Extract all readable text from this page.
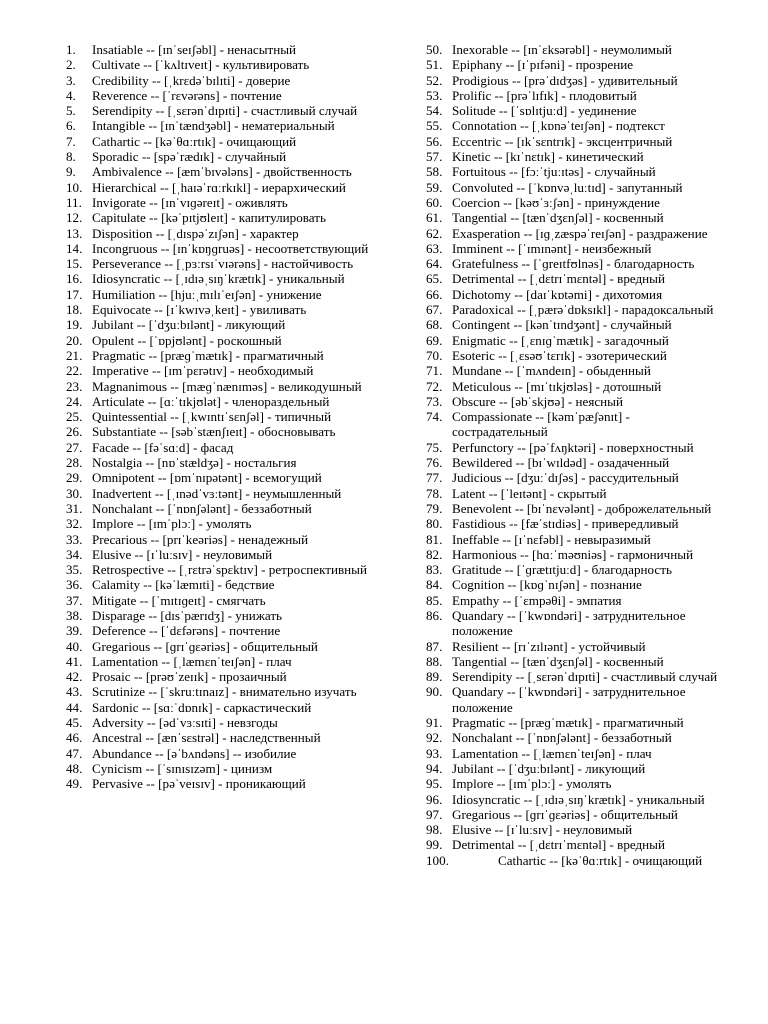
1.	Insatiable -- [ɪnˈseɪʃəbl] - ненасытный
2.	Cultivate -- [ˈkʌltɪveɪt] - культивировать
3.	Credibility -- [ˌkrɛdəˈbɪlɪti] - доверие
4.	Reverence -- [ˈrɛvərəns] - почтение
5.	Serendipity -- [ˌsɛrənˈdɪpɪti] - счастливый случай
6.	Intangible -- [ɪnˈtændʒəbl] - нематериальный
7.	Cathartic -- [kəˈθɑːrtɪk] - очищающий
8.	Sporadic -- [spəˈrædɪk] - случайный
9.	Ambivalence -- [æmˈbɪvələns] - двойственность
10. Hierarchical -- [ˌhaɪəˈrɑːrkɪkl] - иерархический
11. Invigorate -- [ɪnˈvɪɡəreɪt] - оживлять
12. Capitulate -- [kəˈpɪtjʊleɪt] - капитулировать
13. Disposition -- [ˌdɪspəˈzɪʃən] - характер
14. Incongruous -- [ɪnˈkɒŋɡruəs] - несоответствующий
15. Perseverance -- [ˌpɜːrsɪˈvɪərəns] - настойчивость
16. Idiosyncratic -- [ˌɪdɪəˌsɪŋˈkrætɪk] - уникальный
17. Humiliation -- [hjuːˌmɪlɪˈeɪʃən] - унижение
18. Equivocate -- [ɪˈkwɪvəˌkeɪt] - увиливать
19. Jubilant -- [ˈdʒuːbɪlənt] - ликующий
20. Opulent -- [ˈɒpjʊlənt] - роскошный
21. Pragmatic -- [præɡˈmætɪk] - прагматичный
22. Imperative -- [ɪmˈpɛrətɪv] - необходимый
23. Magnanimous -- [mæɡˈnænɪməs] - великодушный
24. Articulate -- [ɑːˈtɪkjʊlət] - членораздельный
25. Quintessential -- [ˌkwɪntɪˈsɛnʃəl] - типичный
26. Substantiate -- [səbˈstænʃɪeɪt] - обосновывать
27. Facade -- [fəˈsɑːd] - фасад
28. Nostalgia -- [nɒˈstældʒə] - ностальгия
29. Omnipotent -- [ɒmˈnɪpətənt] - всемогущий
30. Inadvertent -- [ˌɪnədˈvɜːtənt] - неумышленный
31. Nonchalant -- [ˈnɒnʃələnt] - беззаботный
32. Implore -- [ɪmˈplɔː] - умолять
33. Precarious -- [prɪˈkeəriəs] - ненадежный
34. Elusive -- [ɪˈluːsɪv] - неуловимый
35. Retrospective -- [ˌrɛtrəˈspɛktɪv] - ретроспективный
36. Calamity -- [kəˈlæmɪti] - бедствие
37. Mitigate -- [ˈmɪtɪɡeɪt] - смягчать
38. Disparage -- [dɪsˈpærɪdʒ] - унижать
39. Deference -- [ˈdɛfərəns] - почтение
40. Gregarious -- [ɡrɪˈɡɛəriəs] - общительный
41. Lamentation -- [ˌlæmɛnˈteɪʃən] - плач
42. Prosaic -- [prəʊˈzeɪɪk] - прозаичный
43. Scrutinize -- [ˈskruːtɪnaɪz] - внимательно изучать
44. Sardonic -- [sɑːˈdɒnɪk] - саркастический
45. Adversity -- [ədˈvɜːsɪti] - невзгоды
46. Ancestral -- [ænˈsɛstrəl] - наследственный
47. Abundance -- [əˈbʌndəns] -- изобилие
48. Cynicism -- [ˈsɪnɪsɪzəm] - цинизм
49. Pervasive -- [pəˈveɪsɪv] - проникающий
50. Inexorable -- [ɪnˈɛksərəbl] - неумолимый
51. Epiphany -- [ɪˈpɪfəni] - прозрение
52. Prodigious -- [prəˈdɪdʒəs] - удивительный
53. Prolific -- [prəˈlɪfɪk] - плодовитый
54. Solitude -- [ˈsɒlɪtjuːd] - уединение
55. Connotation -- [ˌkɒnəˈteɪʃən] - подтекст
56. Eccentric -- [ɪkˈsɛntrɪk] - эксцентричный
57. Kinetic -- [kɪˈnɛtɪk] - кинетический
58. Fortuitous -- [fɔːˈtjuːɪtəs] - случайный
59. Convoluted -- [ˈkɒnvəˌluːtɪd] - запутанный
60. Coercion -- [kəʊˈɜːʃən] - принуждение
61. Tangential -- [tænˈdʒɛnʃəl] - косвенный
62. Exasperation -- [ɪɡˌzæspəˈreɪʃən] - раздражение
63. Imminent -- [ˈɪmɪnənt] - неизбежный
64. Gratefulness -- [ˈɡreɪtfʊlnəs] - благодарность
65. Detrimental -- [ˌdɛtrɪˈmɛntəl] - вредный
66. Dichotomy -- [daɪˈkɒtəmi] - дихотомия
67. Paradoxical -- [ˌpærəˈdɒksɪkl] - парадоксальный
68. Contingent -- [kənˈtɪndʒənt] - случайный
69. Enigmatic -- [ˌɛnɪɡˈmætɪk] - загадочный
70. Esoteric -- [ˌɛsəʊˈtɛrɪk] - эзотерический
71. Mundane -- [ˈmʌndeɪn] - обыденный
72. Meticulous -- [mɪˈtɪkjʊləs] - дотошный
73. Obscure -- [əbˈskjʊə] - неясный
74. Compassionate -- [kəmˈpæʃənɪt] - сострадательный
75. Perfunctory -- [pəˈfʌŋktəri] - поверхностный
76. Bewildered -- [bɪˈwɪldəd] - озадаченный
77. Judicious -- [dʒuːˈdɪʃəs] - рассудительный
78. Latent -- [ˈleɪtənt] - скрытый
79. Benevolent -- [bɪˈnɛvələnt] - доброжелательный
80. Fastidious -- [fæˈstɪdiəs] - привередливый
81. Ineffable -- [ɪˈnɛfəbl] - невыразимый
82. Harmonious -- [hɑːˈməʊniəs] - гармоничный
83. Gratitude -- [ˈɡrætɪtjuːd] - благодарность
84. Cognition -- [kɒɡˈnɪʃən] - познание
85. Empathy -- [ˈɛmpəθi] - эмпатия
86. Quandary -- [ˈkwɒndəri] - затруднительное положение
87. Resilient -- [rɪˈzɪlɪənt] - устойчивый
88. Tangential -- [tænˈdʒɛnʃəl] - косвенный
89. Serendipity -- [ˌsɛrənˈdɪpɪti] - счастливый случай
90. Quandary -- [ˈkwɒndəri] - затруднительное положение
91. Pragmatic -- [præɡˈmætɪk] - прагматичный
92. Nonchalant -- [ˈnɒnʃələnt] - беззаботный
93. Lamentation -- [ˌlæmɛnˈteɪʃən] - плач
94. Jubilant -- [ˈdʒuːbɪlənt] - ликующий
95. Implore -- [ɪmˈplɔː] - умолять
96. Idiosyncratic -- [ˌɪdɪəˌsɪŋˈkrætɪk] - уникальный
97. Gregarious -- [ɡrɪˈɡɛəriəs] - общительный
98. Elusive -- [ɪˈluːsɪv] - неуловимый
99. Detrimental -- [ˌdɛtrɪˈmɛntəl] - вредный
100.	Cathartic -- [kəˈθɑːrtɪk] - очищающий
